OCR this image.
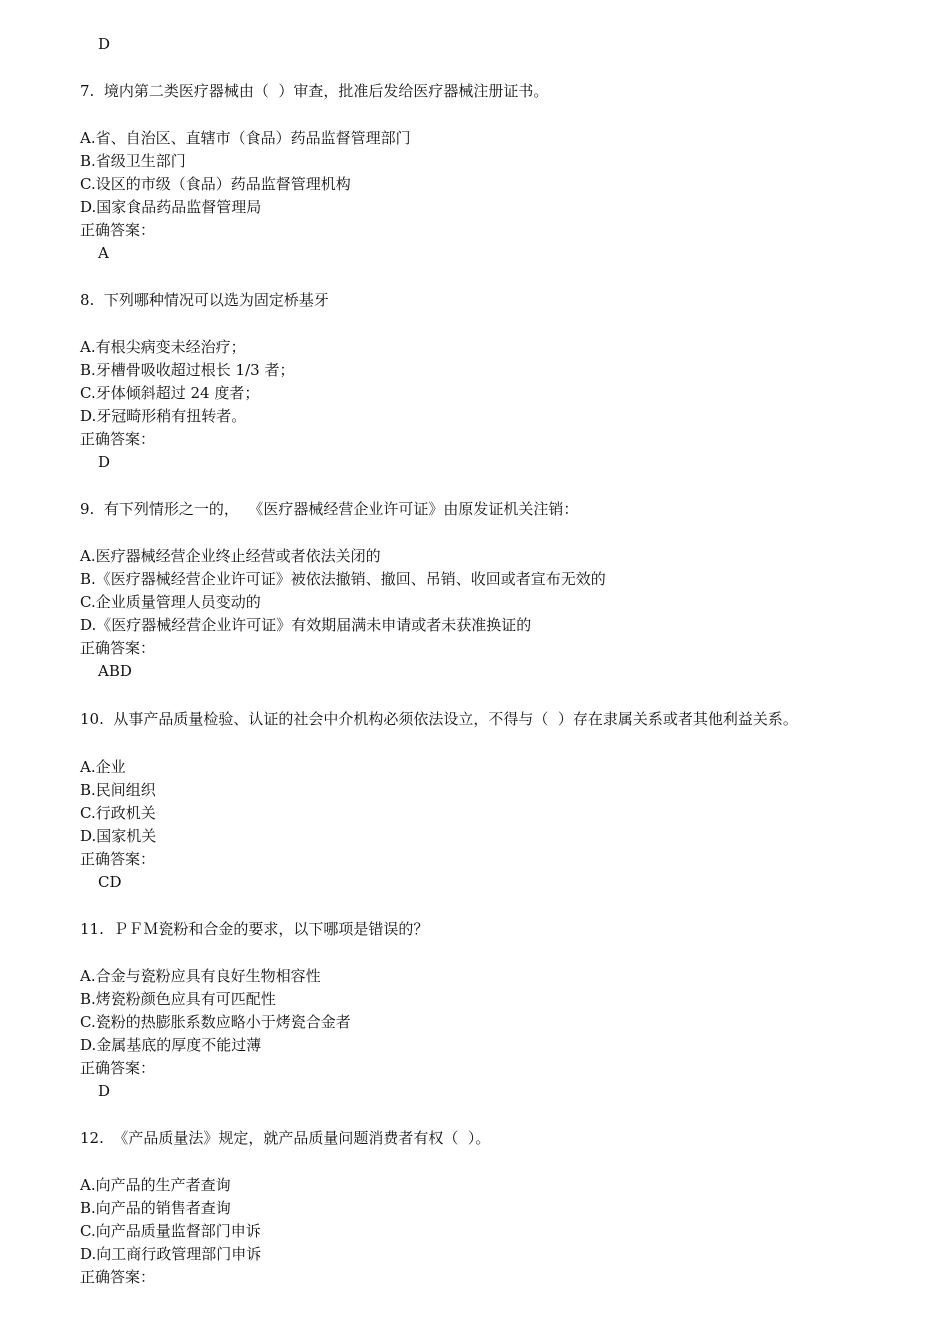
D

7.  境内第二类医疗器械由（  ）审查，批准后发给医疗器械注册证书。

A.省、自治区、直辖市（食品）药品监督管理部门

B.省级卫生部门

C.设区的市级（食品）药品监督管理机构

D.国家食品药品监督管理局

正确答案：

A

8.  下列哪种情况可以选为固定桥基牙

A.有根尖病变未经治疗；

B.牙槽骨吸收超过根长 1/3 者；

C.牙体倾斜超过 24 度者；

D.牙冠畸形稍有扭转者。

正确答案：

D

9.  有下列情形之一的，  《医疗器械经营企业许可证》由原发证机关注销：

A.医疗器械经营企业终止经营或者依法关闭的

B.《医疗器械经营企业许可证》被依法撤销、撤回、吊销、收回或者宣布无效的

C.企业质量管理人员变动的

D.《医疗器械经营企业许可证》有效期届满未申请或者未获准换证的

正确答案：

ABD

10.  从事产品质量检验、认证的社会中介机构必须依法设立，不得与（  ）存在隶属关系或者其他利益关系。

A.企业

B.民间组织

C.行政机关

D.国家机关

正确答案：

CD

11.  ＰＦＭ瓷粉和合金的要求，以下哪项是错误的？

A.合金与瓷粉应具有良好生物相容性

B.烤瓷粉颜色应具有可匹配性

C.瓷粉的热膨胀系数应略小于烤瓷合金者

D.金属基底的厚度不能过薄

正确答案：

D

12.  《产品质量法》规定，就产品质量问题消费者有权（  ）。

A.向产品的生产者查询

B.向产品的销售者查询

C.向产品质量监督部门申诉

D.向工商行政管理部门申诉

正确答案：
